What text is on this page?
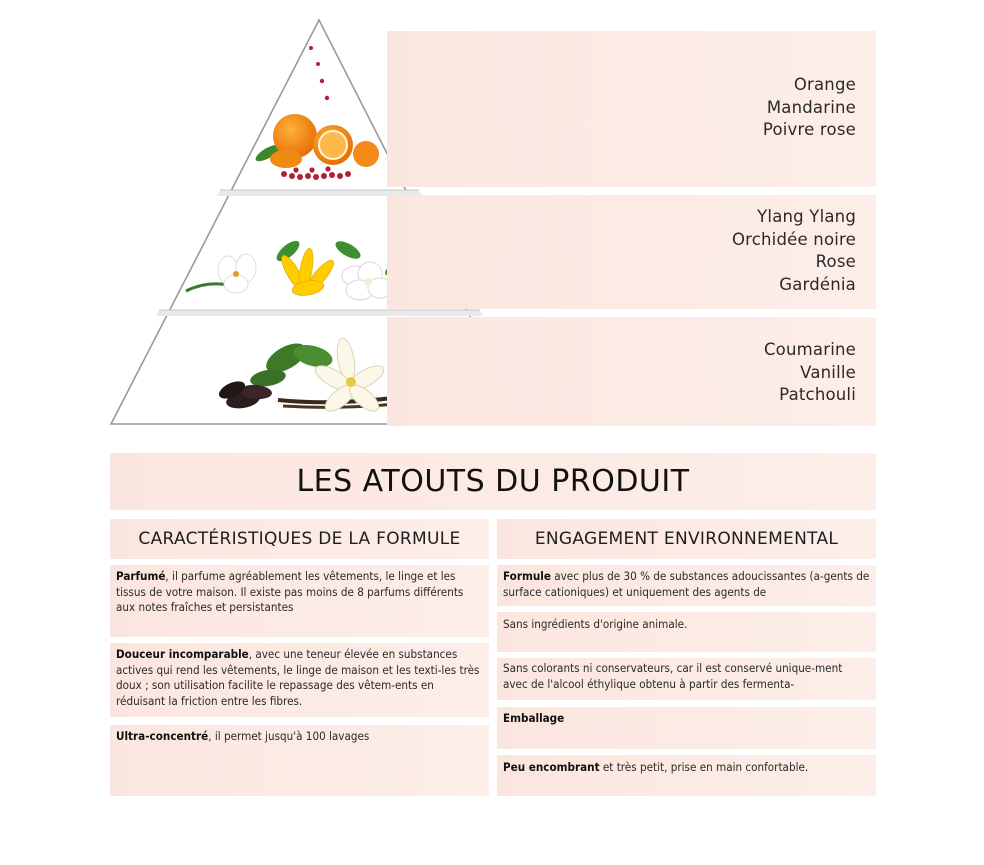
Orange
Mandarine
Poivre rose
Ylang Ylang
Orchidée noire
Rose
Gardénia
Coumarine
Vanille
Patchouli
LES ATOUTS DU PRODUIT
CARACTÉRISTIQUES DE LA FORMULE	ENGAGEMENT ENVIRONNEMENTAL
Parfumé, il parfume agréablement les vêtements, le linge et les tissus de votre maison. Il existe pas moins de 8 parfums différents aux notes fraîches et persistantes
Douceur incomparable, avec une teneur élevée en substances actives qui rend les vêtements, le linge de maison et les texti-les très doux ; son utilisation facilite le repassage des vêtem-ents en réduisant la friction entre les fibres.
Ultra-concentré, il permet jusqu'à 100 lavages
Formule avec plus de 30 % de substances adoucissantes (a-gents de surface cationiques) et uniquement des agents de
Sans ingrédients d'origine animale.
Sans colorants ni conservateurs, car il est conservé unique-ment avec de l'alcool éthylique obtenu à partir des fermenta-
Emballage
Peu encombrant et très petit, prise en main confortable.
